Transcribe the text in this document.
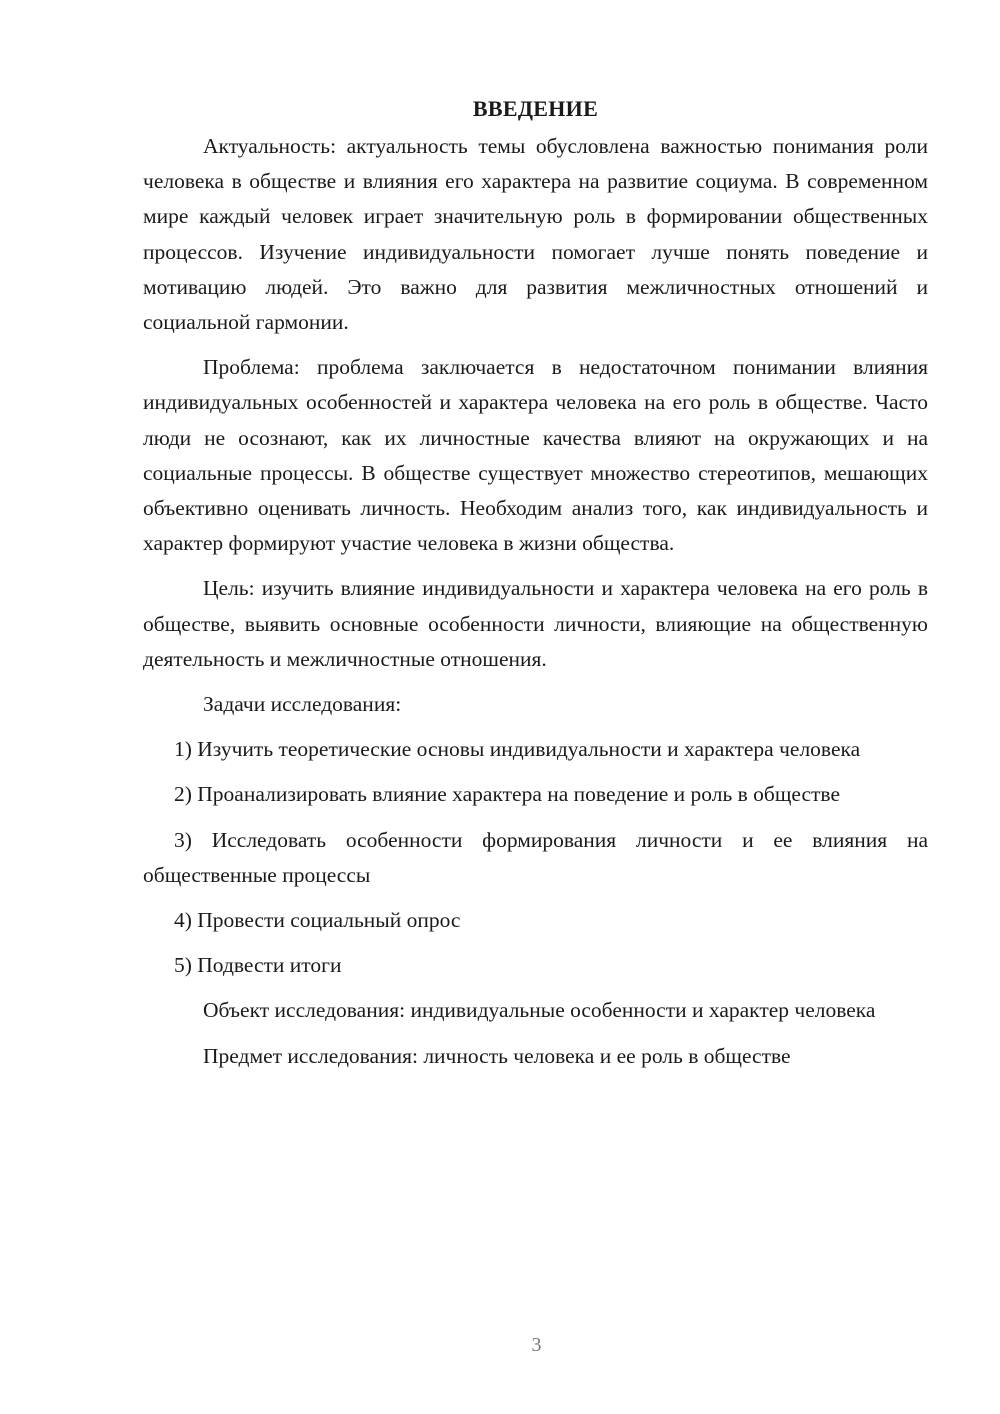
ВВЕДЕНИЕ

Актуальность: актуальность темы обусловлена важностью понимания роли человека в обществе и влияния его характера на развитие социума. В современном мире каждый человек играет значительную роль в формировании общественных процессов. Изучение индивидуальности помогает лучше понять поведение и мотивацию людей. Это важно для развития межличностных отношений и социальной гармонии.

Проблема: проблема заключается в недостаточном понимании влияния индивидуальных особенностей и характера человека на его роль в обществе. Часто люди не осознают, как их личностные качества влияют на окружающих и на социальные процессы. В обществе существует множество стереотипов, мешающих объективно оценивать личность. Необходим анализ того, как индивидуальность и характер формируют участие человека в жизни общества.

Цель: изучить влияние индивидуальности и характера человека на его роль в обществе, выявить основные особенности личности, влияющие на общественную деятельность и межличностные отношения.

Задачи исследования:

1) Изучить теоретические основы индивидуальности и характера человека

2) Проанализировать влияние характера на поведение и роль в обществе

3) Исследовать особенности формирования личности и ее влияния на общественные процессы

4) Провести социальный опрос

5) Подвести итоги

Объект исследования: индивидуальные особенности и характер человека

Предмет исследования: личность человека и ее роль в обществе

3
